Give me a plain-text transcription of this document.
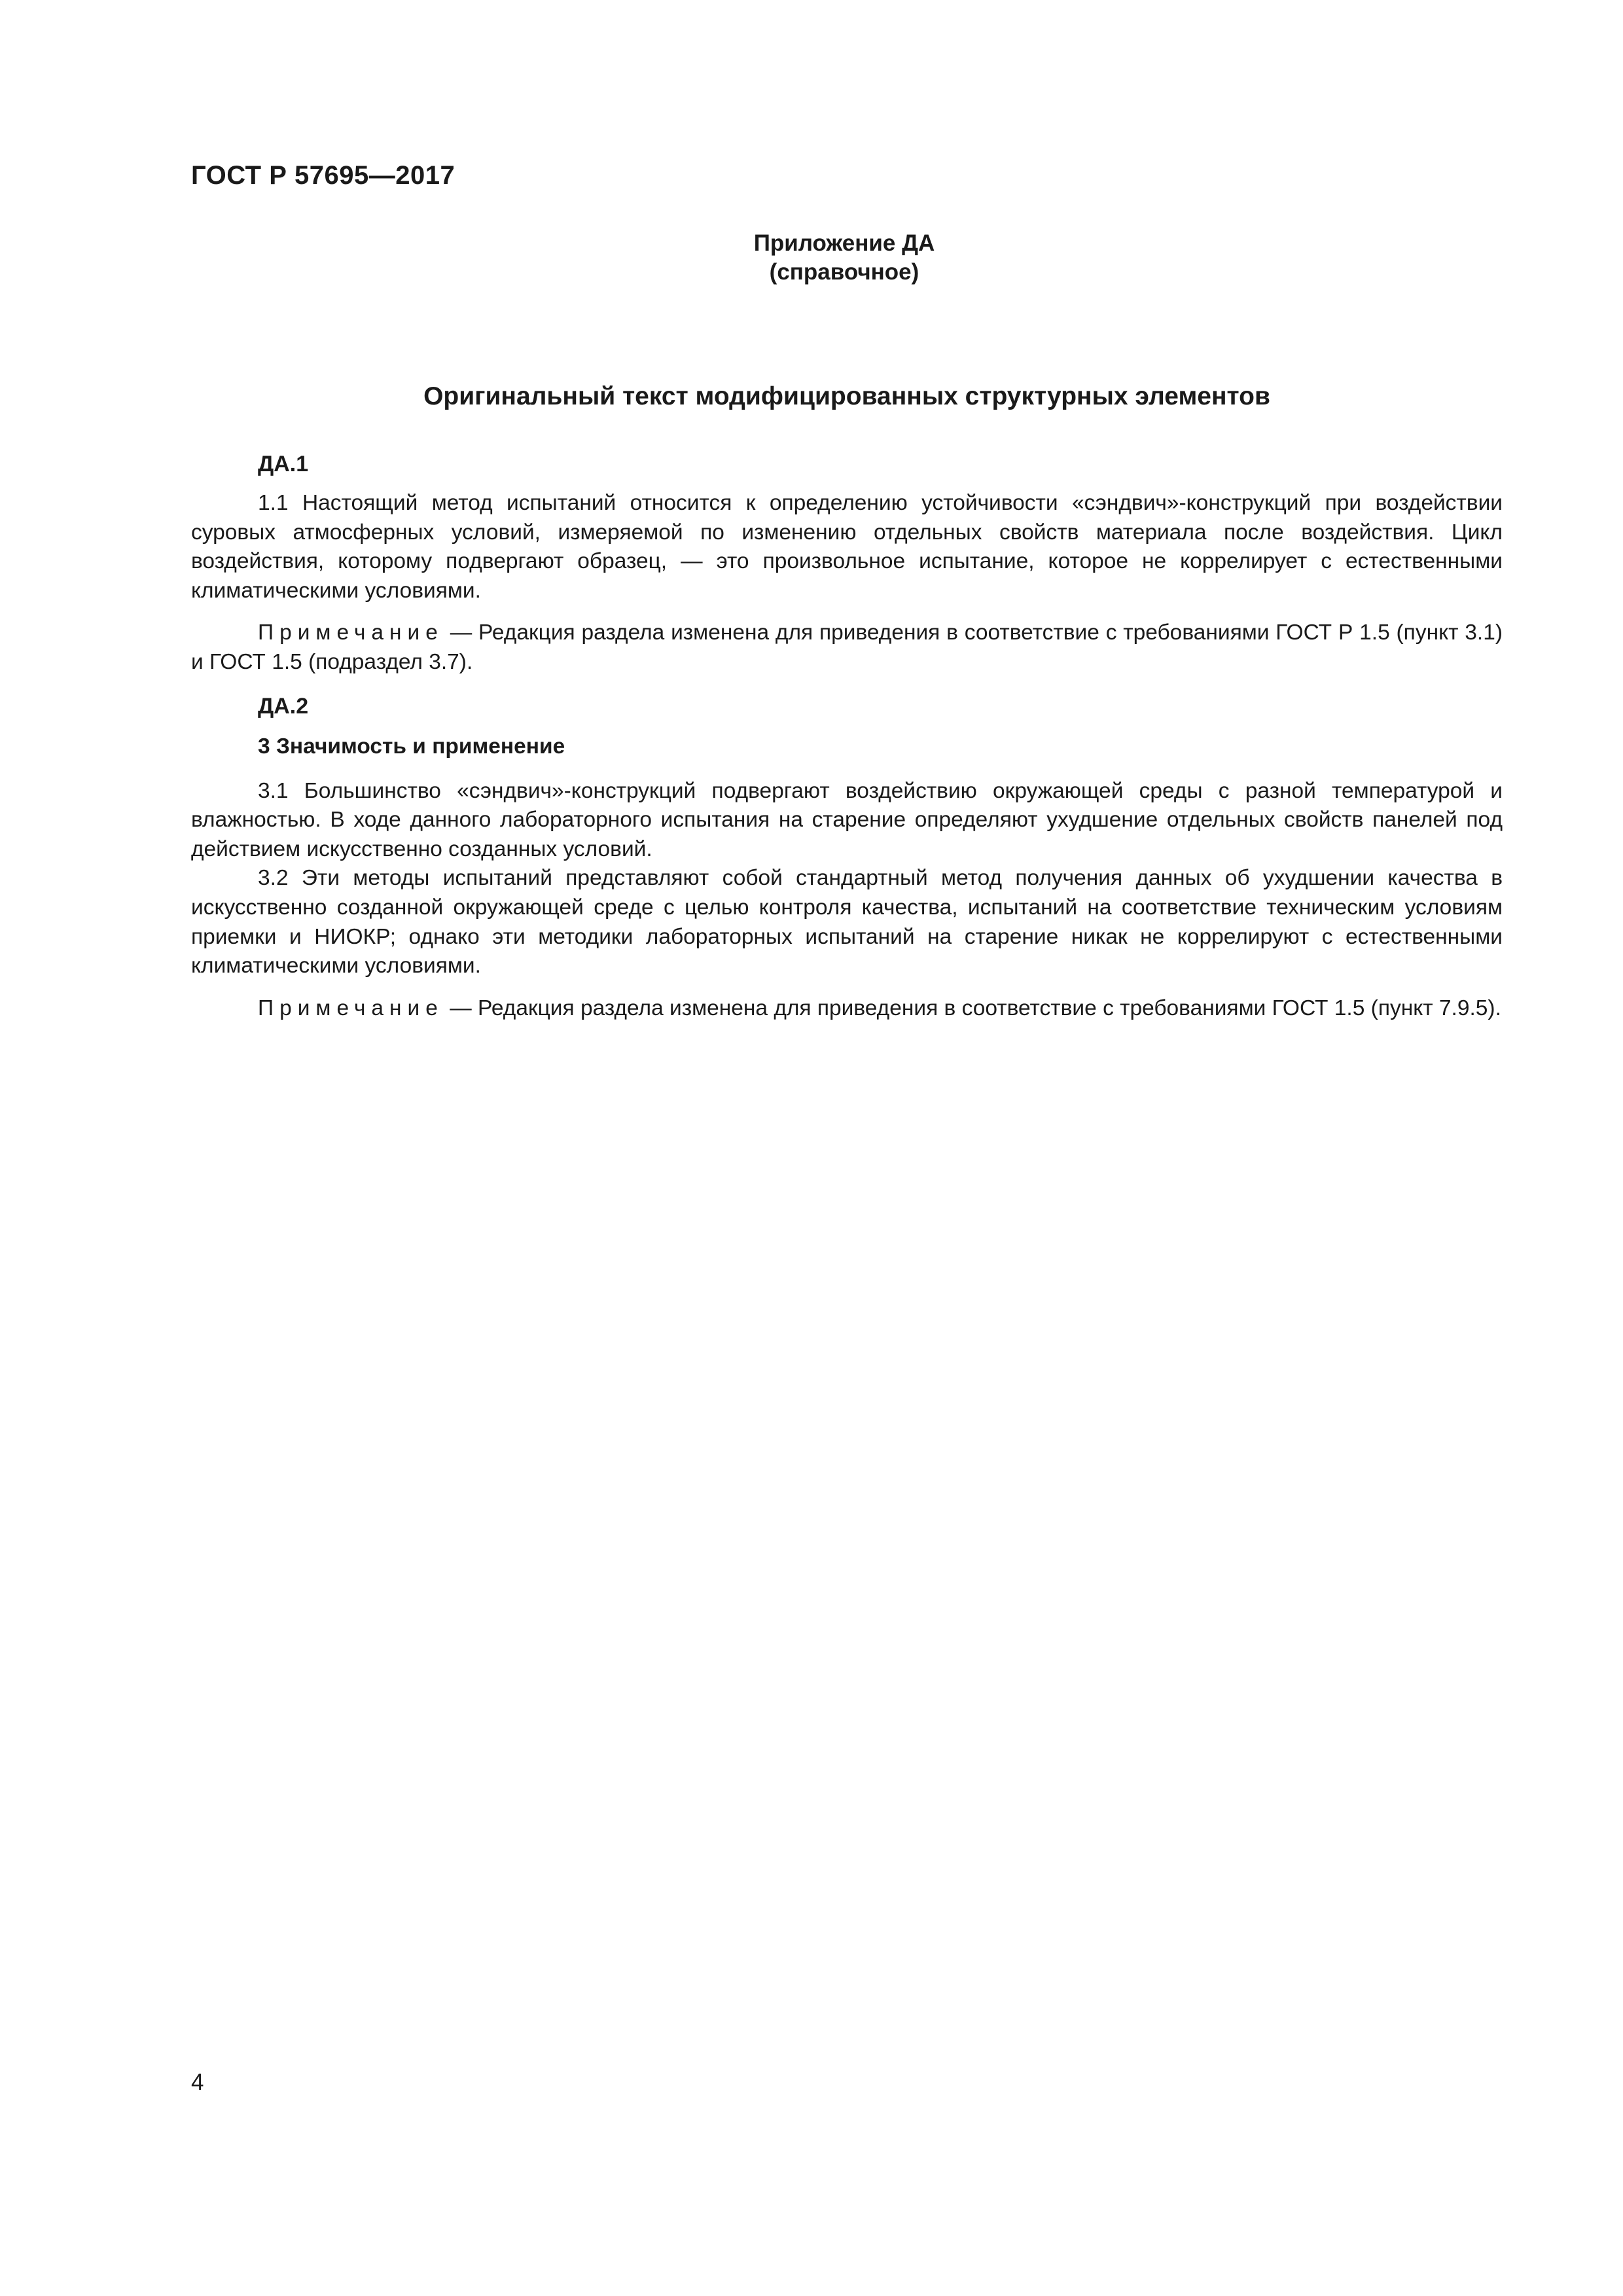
ГОСТ Р 57695—2017
Приложение ДА
(справочное)
Оригинальный текст модифицированных структурных элементов
ДА.1

1.1 Настоящий метод испытаний относится к определению устойчивости «сэндвич»-конструкций при воздействии суровых атмосферных условий, измеряемой по изменению отдельных свойств материала после воздействия. Цикл воздействия, которому подвергают образец, — это произвольное испытание, которое не коррелирует с естественными климатическими условиями.

Примечание — Редакция раздела изменена для приведения в соответствие с требованиями ГОСТ Р 1.5 (пункт 3.1) и ГОСТ 1.5 (подраздел 3.7).

ДА.2
3 Значимость и применение

3.1 Большинство «сэндвич»-конструкций подвергают воздействию окружающей среды с разной температурой и влажностью. В ходе данного лабораторного испытания на старение определяют ухудшение отдельных свойств панелей под действием искусственно созданных условий.

3.2 Эти методы испытаний представляют собой стандартный метод получения данных об ухудшении качества в искусственно созданной окружающей среде с целью контроля качества, испытаний на соответствие техническим условиям приемки и НИОКР; однако эти методики лабораторных испытаний на старение никак не коррелируют с естественными климатическими условиями.

Примечание — Редакция раздела изменена для приведения в соответствие с требованиями ГОСТ 1.5 (пункт 7.9.5).

4
